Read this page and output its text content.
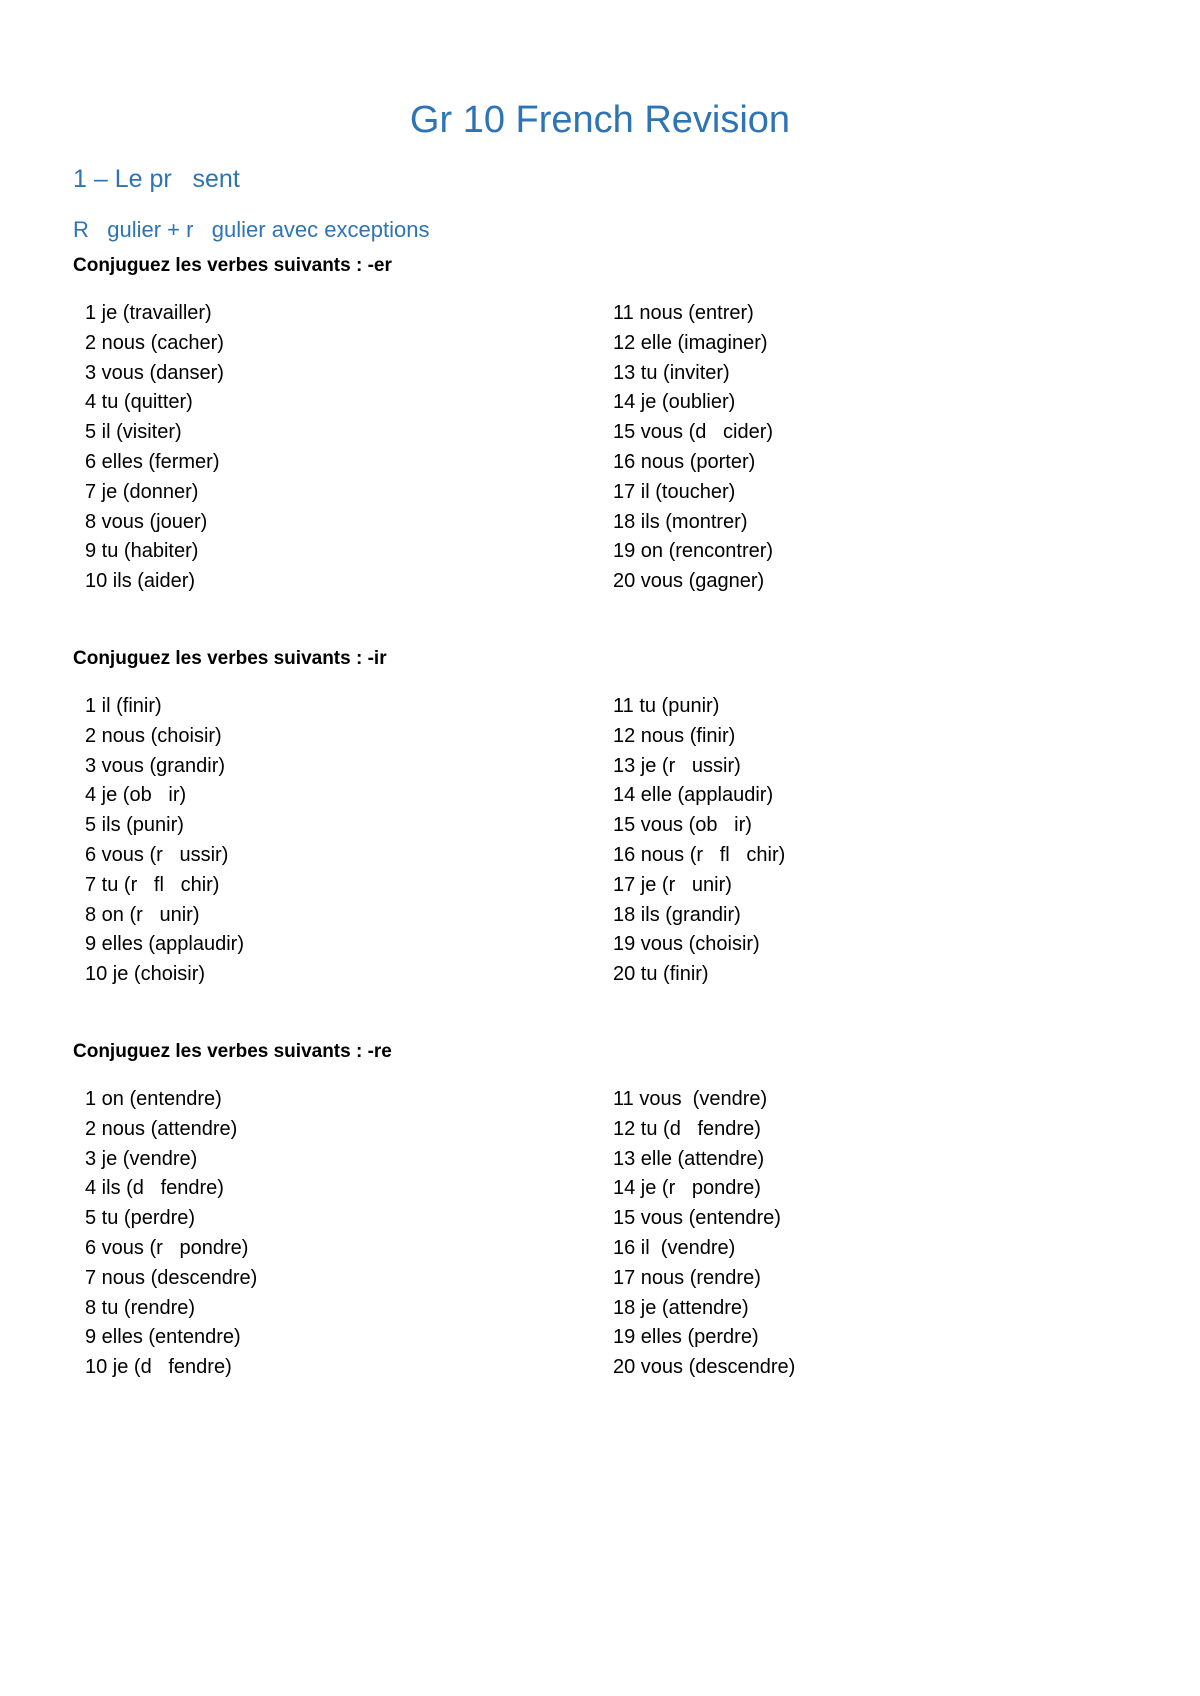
Gr 10 French Revision
1 – Le pr   sent
R   gulier + r   gulier avec exceptions
Conjuguez les verbes suivants : -er
1 je (travailler)
2 nous (cacher)
3 vous (danser)
4 tu (quitter)
5 il (visiter)
6 elles (fermer)
7 je (donner)
8 vous (jouer)
9 tu (habiter)
10 ils (aider)
11 nous (entrer)
12 elle (imaginer)
13 tu (inviter)
14 je (oublier)
15 vous (d   cider)
16 nous (porter)
17 il (toucher)
18 ils (montrer)
19 on (rencontrer)
20 vous (gagner)
Conjuguez les verbes suivants : -ir
1 il (finir)
2 nous (choisir)
3 vous (grandir)
4 je (ob   ir)
5 ils (punir)
6 vous (r   ussir)
7 tu (r   fl   chir)
8 on (r   unir)
9 elles (applaudir)
10 je (choisir)
11 tu (punir)
12 nous (finir)
13 je (r   ussir)
14 elle (applaudir)
15 vous (ob   ir)
16 nous (r   fl   chir)
17 je (r   unir)
18 ils (grandir)
19 vous (choisir)
20 tu (finir)
Conjuguez les verbes suivants : -re
1 on (entendre)
2 nous (attendre)
3 je (vendre)
4 ils (d   fendre)
5 tu (perdre)
6 vous (r   pondre)
7 nous (descendre)
8 tu (rendre)
9 elles (entendre)
10 je (d   fendre)
11 vous  (vendre)
12 tu (d   fendre)
13 elle (attendre)
14 je (r   pondre)
15 vous (entendre)
16 il  (vendre)
17 nous (rendre)
18 je (attendre)
19 elles (perdre)
20 vous (descendre)
